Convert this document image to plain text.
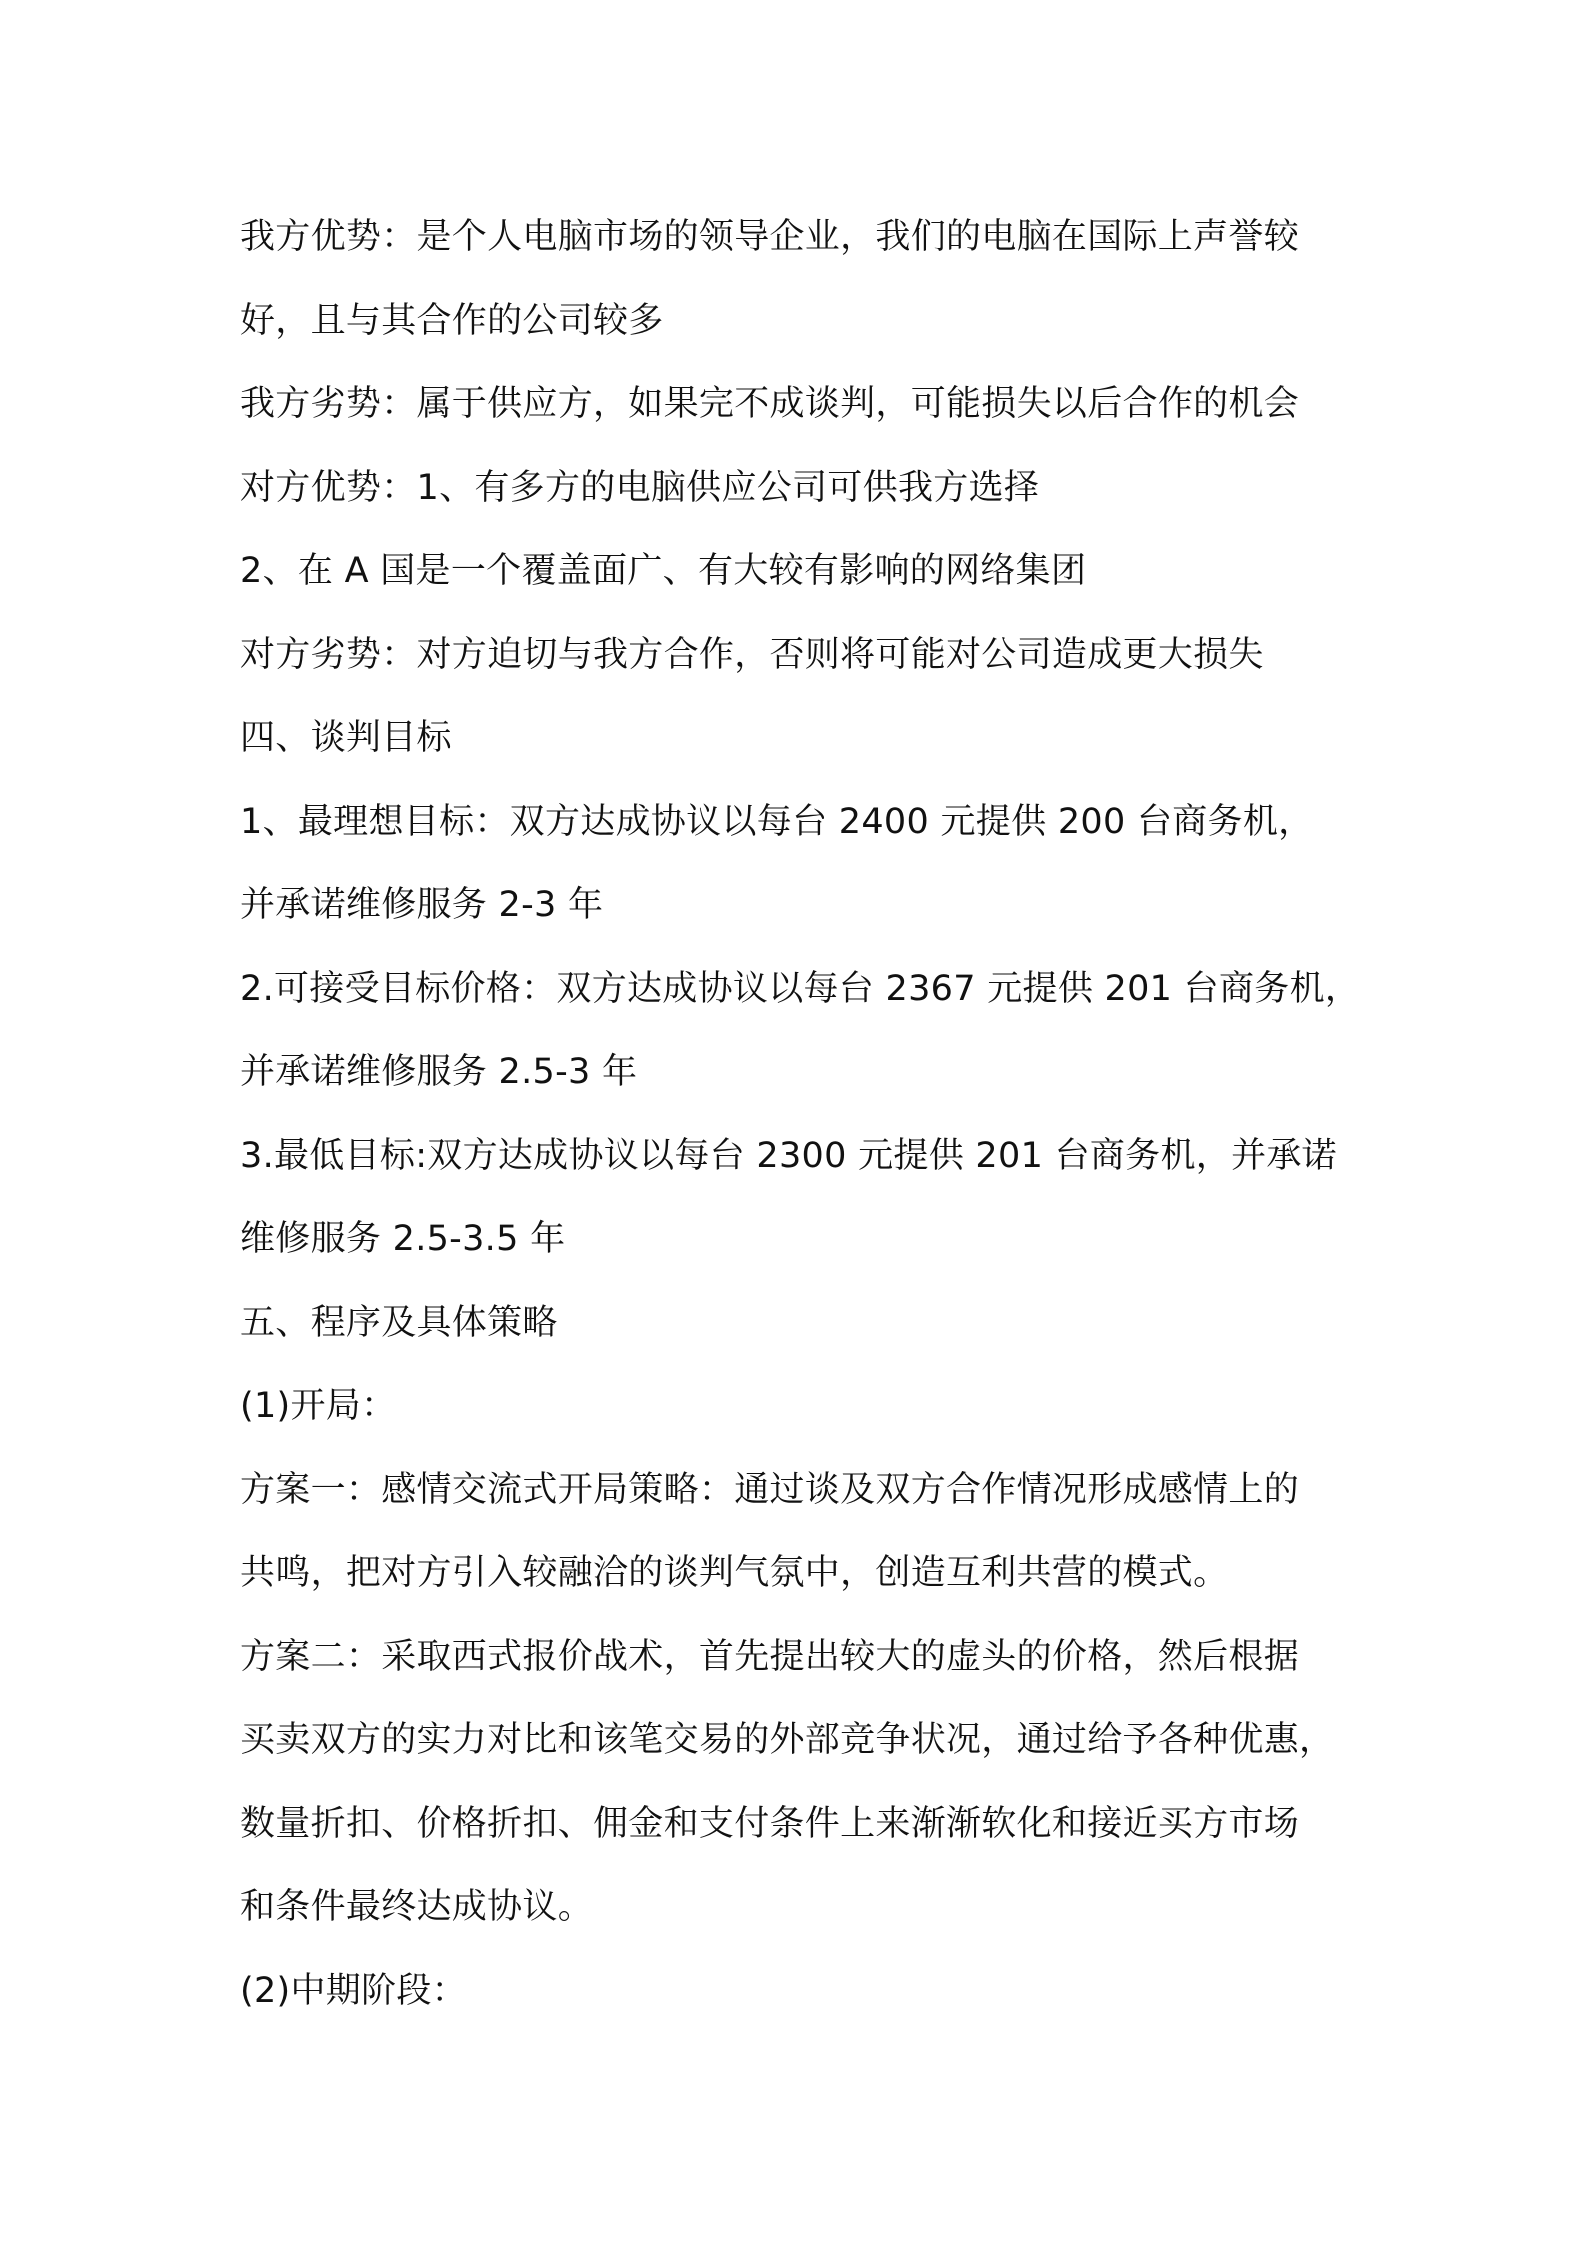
我方优势：是个人电脑市场的领导企业，我们的电脑在国际上声誉较
好，且与其合作的公司较多
我方劣势：属于供应方，如果完不成谈判，可能损失以后合作的机会
对方优势：1、有多方的电脑供应公司可供我方选择
2、在 A 国是一个覆盖面广、有大较有影响的网络集团
对方劣势：对方迫切与我方合作，否则将可能对公司造成更大损失
四、谈判目标
1、最理想目标：双方达成协议以每台 2400 元提供 200 台商务机，
并承诺维修服务 2-3 年
2.可接受目标价格：双方达成协议以每台 2367 元提供 201 台商务机，
并承诺维修服务 2.5-3 年
3.最低目标:双方达成协议以每台 2300 元提供 201 台商务机，并承诺
维修服务 2.5-3.5 年
五、程序及具体策略
(1)开局：
方案一：感情交流式开局策略：通过谈及双方合作情况形成感情上的
共鸣，把对方引入较融洽的谈判气氛中，创造互利共营的模式。
方案二：采取西式报价战术，首先提出较大的虚头的价格，然后根据
买卖双方的实力对比和该笔交易的外部竞争状况，通过给予各种优惠，
数量折扣、价格折扣、佣金和支付条件上来渐渐软化和接近买方市场
和条件最终达成协议。
(2)中期阶段：
